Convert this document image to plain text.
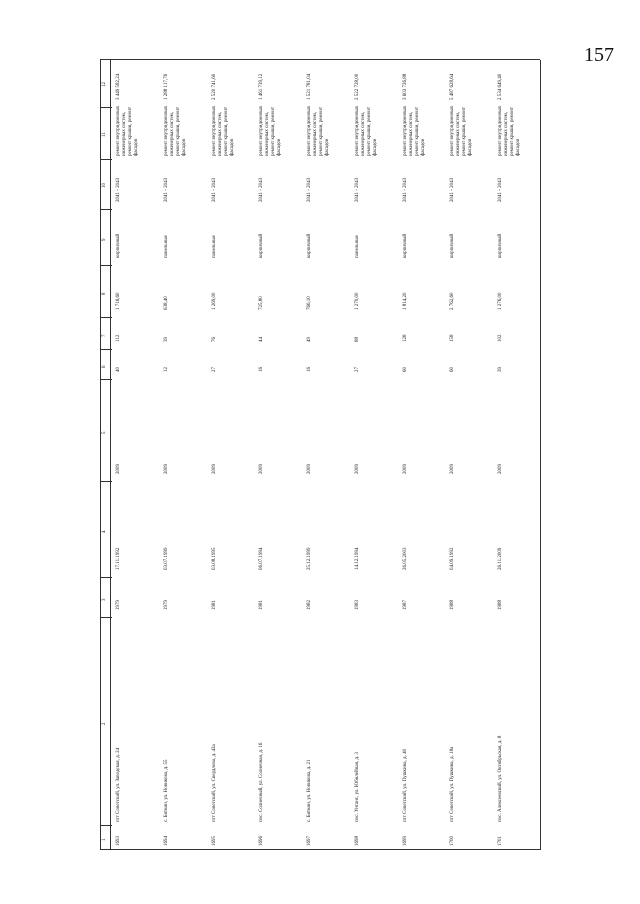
157
1
2
3
4
5
6
7
8
9
10
11
12
1693
пгт Советский, ул. Заводская, д. 24
1979
17.11.1992
2009
40
112
1 716,60
кирпичный
2041 - 2043
ремонт внутридомовых инженерных систем, ремонт крыши, ремонт фасадов
3 449 582,24
1694
с. Бяткин, ул. Новикова, д. 55
1979
03.07.1999
2009
12
39
638,40
панельные
2041 - 2043
ремонт внутридомовых инженерных систем, ремонт крыши, ремонт фасадов
1 288 117,76
1695
пгт Советский, ул. Свердлова, д. 43а
1981
03.08.1995
2009
27
76
1 269,00
панельные
2041 - 2043
ремонт внутридомовых инженерных систем, ремонт крыши, ремонт фасадов
2 520 741,60
1696
пос. Солнечный, ул. Солнечная, д. 16
1981
06.07.1994
2009
16
44
725,80
кирпичный
2041 - 2043
ремонт внутридомовых инженерных систем, ремонт крыши, ремонт фасадов
1 461 739,12
1697
с. Бяткин, ул. Новикова, д. 21
1982
25.12.1999
2009
16
49
766,10
кирпичный
2041 - 2043
ремонт внутридомовых инженерных систем, ремонт крыши, ремонт фасадов
1 521 781,04
1698
пос. Унтанс, ул. Юбилейная, д. 3
1983
14.12.1994
2009
27
88
1 270,00
панельные
2041 - 2043
ремонт внутридомовых инженерных систем, ремонт крыши, ремонт фасадов
2 522 728,00
1699
пгт Советский, ул. Пушкина, д. 40
1987
26.05.2003
2009
60
128
1 814,20
кирпичный
2041 - 2043
ремонт внутридомовых инженерных систем, ремонт крыши, ремонт фасадов
3 603 726,88
1700
пгт Советский, ул. Пушкина, д. 18а
1988
04.09.1992
2009
60
158
2 762,60
кирпичный
2041 - 2043
ремонт внутридомовых инженерных систем, ремонт крыши, ремонт фасадов
5 487 628,64
1701
пос. Алексеевский, ул. Октябрьская, д. 8
1988
26.11.2009
2009
39
102
1 276,00
кирпичный
2041 - 2043
ремонт внутридомовых инженерных систем, ремонт крыши, ремонт фасадов
2 534 649,40
